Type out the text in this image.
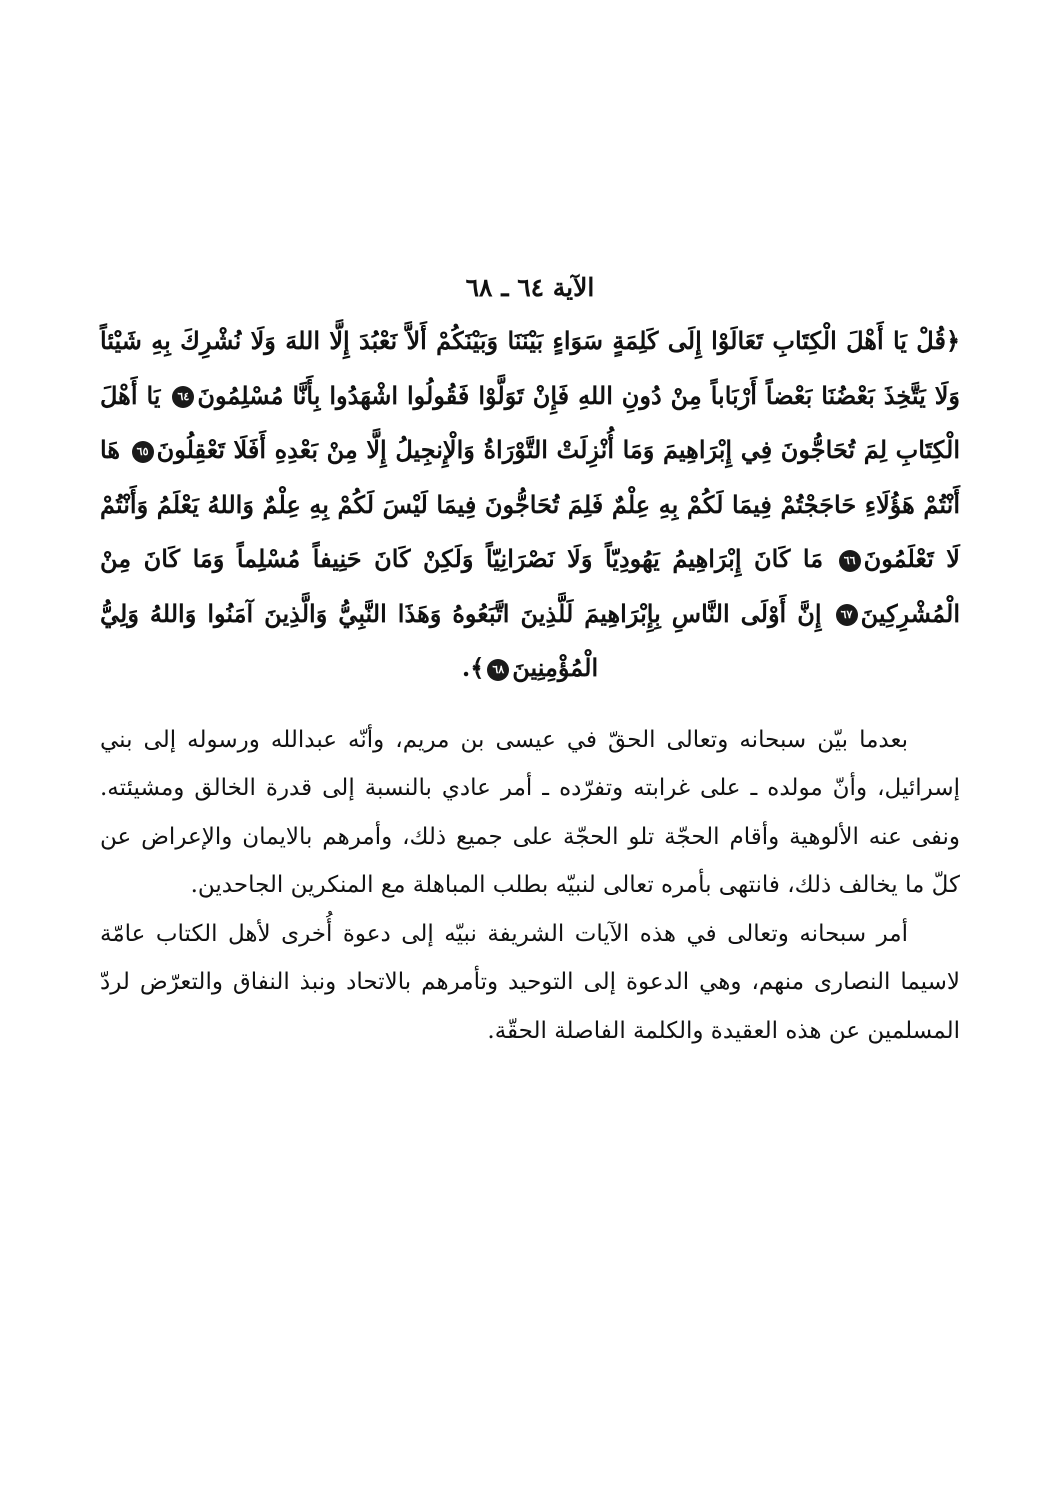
الآية ٦٤ ـ ٦٨

﴿قُلْ يَا أَهْلَ الْكِتَابِ تَعَالَوْا إِلَى كَلِمَةٍ سَوَاءٍ بَيْنَنَا وَبَيْنَكُمْ أَلاَّ نَعْبُدَ إِلَّا اللهَ وَلَا نُشْرِكَ بِهِ شَيْئاً وَلَا يَتَّخِذَ بَعْضُنَا بَعْضاً أَرْبَاباً مِنْ دُونِ اللهِ فَإِنْ تَوَلَّوْا فَقُولُوا اشْهَدُوا بِأَنَّا مُسْلِمُونَ٦٤ يَا أَهْلَ الْكِتَابِ لِمَ تُحَاجُّونَ فِي إِبْرَاهِيمَ وَمَا أُنْزِلَتْ التَّوْرَاةُ وَالْإِنجِيلُ إِلَّا مِنْ بَعْدِهِ أَفَلَا تَعْقِلُونَ٦٥ هَا أَنْتُمْ هَؤُلَاءِ حَاجَجْتُمْ فِيمَا لَكُمْ بِهِ عِلْمٌ فَلِمَ تُحَاجُّونَ فِيمَا لَيْسَ لَكُمْ بِهِ عِلْمٌ وَاللهُ يَعْلَمُ وَأَنْتُمْ لَا تَعْلَمُونَ٦٦ مَا كَانَ إِبْرَاهِيمُ يَهُودِيّاً وَلَا نَصْرَانِيّاً وَلَكِنْ كَانَ حَنِيفاً مُسْلِماً وَمَا كَانَ مِنْ الْمُشْرِكِينَ٦٧ إِنَّ أَوْلَى النَّاسِ بِإِبْرَاهِيمَ لَلَّذِينَ اتَّبَعُوهُ وَهَذَا النَّبِيُّ وَالَّذِينَ آمَنُوا وَاللهُ وَلِيُّ الْمُؤْمِنِينَ٦٨﴾.

بعدما بيّن سبحانه وتعالى الحقّ في عيسى بن مريم، وأنّه عبدالله ورسوله إلى بني إسرائيل، وأنّ مولده ـ على غرابته وتفرّده ـ أمر عادي بالنسبة إلى قدرة الخالق ومشيئته. ونفى عنه الألوهية وأقام الحجّة تلو الحجّة على جميع ذلك، وأمرهم بالايمان والإعراض عن كلّ ما يخالف ذلك، فانتهى بأمره تعالى لنبيّه بطلب المباهلة مع المنكرين الجاحدين.

أمر سبحانه وتعالى في هذه الآيات الشريفة نبيّه إلى دعوة أُخرى لأهل الكتاب عامّة لاسيما النصارى منهم، وهي الدعوة إلى التوحيد وتأمرهم بالاتحاد ونبذ النفاق والتعرّض لردّ المسلمين عن هذه العقيدة والكلمة الفاصلة الحقّة.
